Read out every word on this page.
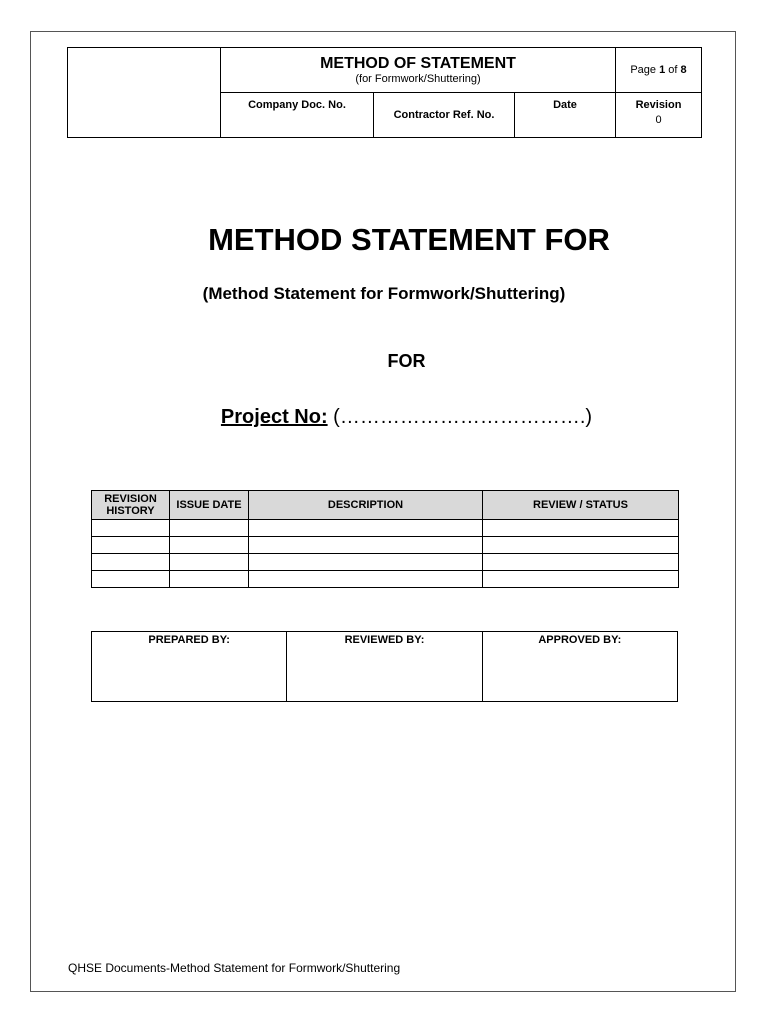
	METHOD OF STATEMENT
(for Formwork/Shuttering)			Page 1 of 8
	Company Doc. No.	Contractor Ref. No.	Date	Revision
0
METHOD STATEMENT FOR
(Method Statement for Formwork/Shuttering)
FOR
Project No: (……………………………….)
REVISION HISTORY	ISSUE DATE	DESCRIPTION	REVIEW / STATUS

PREPARED BY:	REVIEWED BY:	APPROVED BY:
QHSE Documents-Method Statement for Formwork/Shuttering
